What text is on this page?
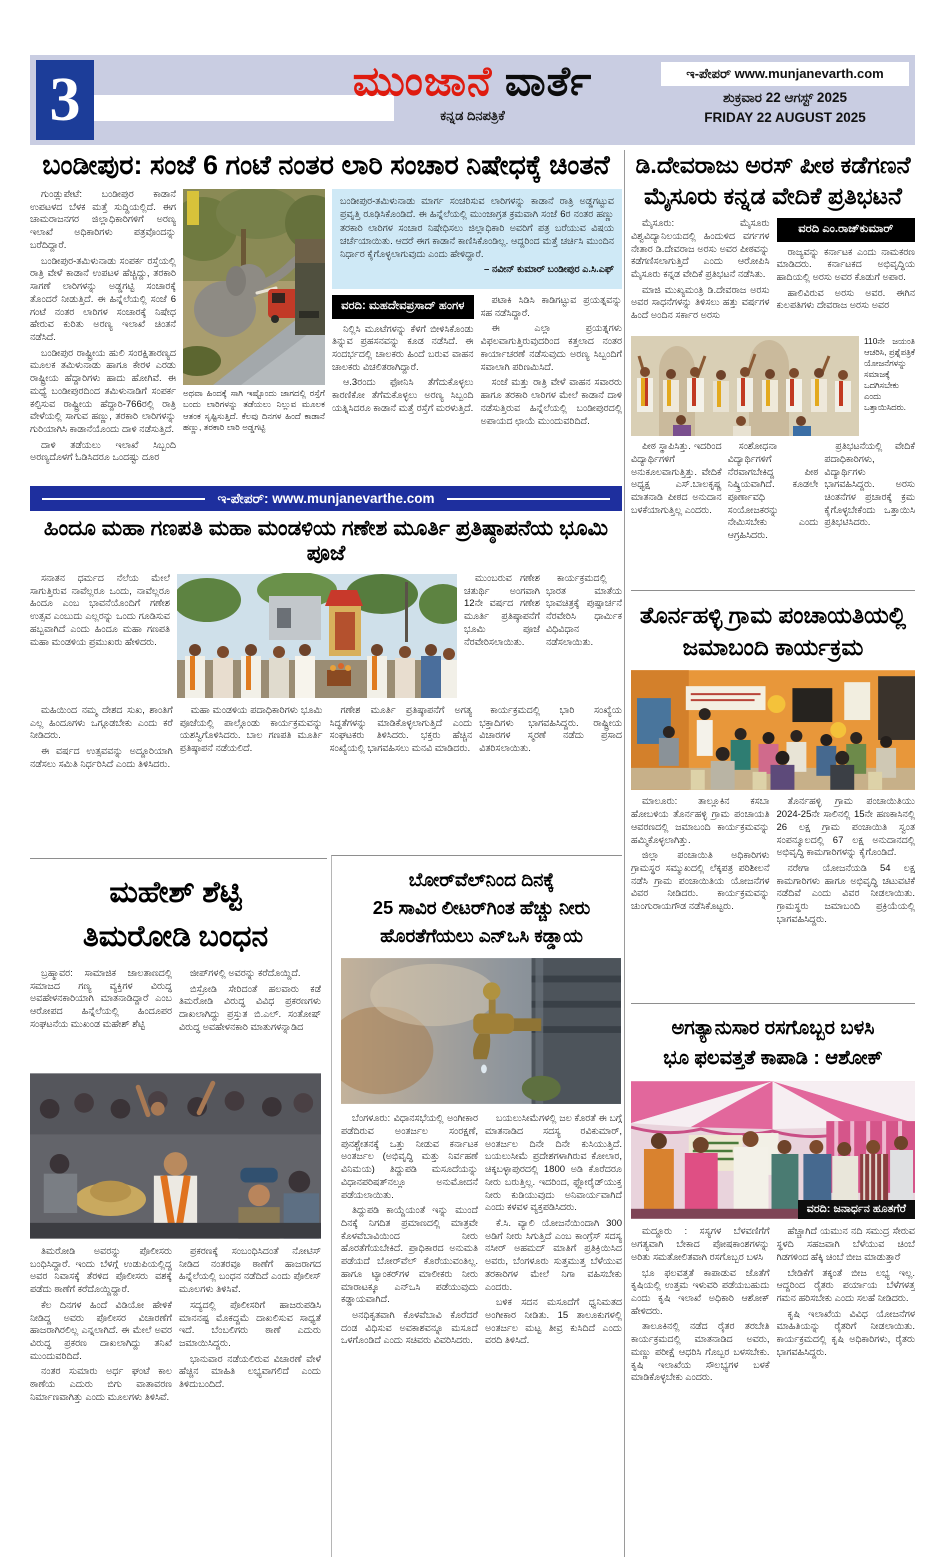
3	ಮುಂಜಾನೆ ವಾರ್ತೆ
ಕನ್ನಡ ದಿನಪತ್ರಿಕೆ
ಇ-ಪೇಪರ್ www.munjanevarth.com
ಶುಕ್ರವಾರ 22 ಆಗಸ್ಟ್ 2025
FRIDAY 22 AUGUST 2025
ಬಂಡೀಪುರ: ಸಂಜೆ 6 ಗಂಟೆ ನಂತರ ಲಾರಿ ಸಂಚಾರ ನಿಷೇಧಕ್ಕೆ ಚಿಂತನೆ

ಗುಂಡ್ಲುಪೇಟೆ: ಬಂಡೀಪುರ ಕಾಡಾನೆ ಉಪಟಳದ ಬೆಳಕ ಮತ್ತೆ ಸುದ್ದಿಯಲ್ಲಿದೆ. ಈಗ ಚಾಮರಾಜನಗರ ಜಿಲ್ಲಾಧಿಕಾರಿಗಳಿಗೆ ಅರಣ್ಯ ಇಲಾಖೆ ಅಧಿಕಾರಿಗಳು ಪತ್ರವೊಂದನ್ನು ಬರೆದಿದ್ದಾರೆ.

ಬಂಡೀಪುರ-ತಮಿಳುನಾಡು ಸಂಪರ್ಕ ರಸ್ತೆಯಲ್ಲಿ ರಾತ್ರಿ ವೇಳೆ ಕಾಡಾನೆ ಉಪಟಳ ಹೆಚ್ಚಿದ್ದು, ತರಕಾರಿ ಸಾಗಣೆ ಲಾರಿಗಳನ್ನು ಅಡ್ಡಗಟ್ಟಿ ಸಂಚಾರಕ್ಕೆ ತೊಂದರೆ ನೀಡುತ್ತಿದೆ. ಈ ಹಿನ್ನೆಲೆಯಲ್ಲಿ ಸಂಜೆ 6 ಗಂಟೆ ನಂತರ ಲಾರಿಗಳ ಸಂಚಾರಕ್ಕೆ ನಿಷೇಧ ಹೇರುವ ಕುರಿತು ಅರಣ್ಯ ಇಲಾಖೆ ಚಿಂತನೆ ನಡೆಸಿದೆ.

ಬಂಡೀಪುರ ರಾಷ್ಟ್ರೀಯ ಹುಲಿ ಸಂರಕ್ಷಿತಾರಣ್ಯದ ಮೂಲಕ ತಮಿಳುನಾಡು ಹಾಗೂ ಕೇರಳ ಎರಡು ರಾಷ್ಟ್ರೀಯ ಹೆದ್ದಾರಿಗಳು ಹಾದು ಹೋಗಿವೆ. ಈ ಮಧ್ಯೆ ಬಂಡೀಪುರದಿಂದ ತಮಿಳುನಾಡಿಗೆ ಸಂಪರ್ಕ ಕಲ್ಪಿಸುವ ರಾಷ್ಟ್ರೀಯ ಹೆದ್ದಾರಿ-766ರಲ್ಲಿ ರಾತ್ರಿ ವೇಳೆಯಲ್ಲಿ ಸಾಗುವ ಹಣ್ಣು, ತರಕಾರಿ ಲಾರಿಗಳನ್ನು ಗುರಿಯಾಗಿಸಿ ಕಾಡಾನೆಯೊಂದು ದಾಳಿ ನಡೆಸುತ್ತಿದೆ.

ದಾಳಿ ತಡೆಯಲು ಇಲಾಖೆ ಸಿಬ್ಬಂದಿ ಅರಣ್ಯದೊಳಗೆ ಓಡಿಸಿದರೂ ಒಂದಷ್ಟು ದೂರ

ಅಥವಾ ಹಿಂದಕ್ಕೆ ಸಾಗಿ ಇಷ್ಟೊಂದು ಜಾಗದಲ್ಲಿ ರಸ್ತೆಗೆ ಬಂದು ಲಾರಿಗಳನ್ನು ತಡೆಯಲು ನಿಲ್ಲುವ ಮೂಲಕ ಆತಂಕ ಸೃಷ್ಟಿಸುತ್ತಿದೆ. ಕೆಲವು ದಿನಗಳ ಹಿಂದೆ ಕಾಡಾನೆ ಹಣ್ಣು, ತರಕಾರಿ ಲಾರಿ ಅಡ್ಡಗಟ್ಟಿ
ಬಂಡೀಪುರ-ತಮಿಳುನಾಡು ಮಾರ್ಗ ಸಂಚರಿಸುವ ಲಾರಿಗಳನ್ನು ಕಾಡಾನೆ ರಾತ್ರಿ ಅಡ್ಡಗಟ್ಟುವ ಪ್ರವೃತ್ತಿ ರೂಢಿಸಿಕೊಂಡಿದೆ. ಈ ಹಿನ್ನೆಲೆಯಲ್ಲಿ ಮುಂಜಾಗ್ರತ ಕ್ರಮವಾಗಿ ಸಂಜೆ 6ರ ನಂತರ ಹಣ್ಣು ತರಕಾರಿ ಲಾರಿಗಳ ಸಂಚಾರ ನಿಷೇಧಿಸಲು ಜಿಲ್ಲಾಧಿಕಾರಿ ಅವರಿಗೆ ಪತ್ರ ಬರೆಯುವ ವಿಷಯ ಚರ್ಚೆಯಾಯಿತು. ಆದರೆ ಈಗ ಕಾಡಾನೆ ಕಾಣಿಸಿಕೊಂಡಿಲ್ಲ. ಆದ್ದರಿಂದ ಮತ್ತೆ ಚರ್ಚಿಸಿ ಮುಂದಿನ ನಿರ್ಧಾರ ಕೈಗೊಳ್ಳಲಾಗುವುದು ಎಂದು ಹೇಳಿದ್ದಾರೆ.
– ನವೀನ್ ಕುಮಾರ್ ಬಂಡೀಪುರ ಎ.ಸಿ.ಎಫ್
ವರದಿ: ಮಹದೇವಪ್ರಸಾದ್ ಹಂಗಳ

ನಿಲ್ಲಿಸಿ ಮೂಟೆಗಳನ್ನು ಕೆಳಗೆ ಬೀಳಿಸಿಕೊಂಡು ತಿನ್ನುವ ಪ್ರಹಸನವನ್ನು ಕೂಡ ನಡೆಸಿದೆ. ಈ ಸಂದರ್ಭದಲ್ಲಿ ಚಾಲಕರು ಹಿಂದೆ ಬರುವ ವಾಹನ ಚಾಲಕರು ವಿಚಲಿತರಾಗಿದ್ದಾರೆ.

ಆ.3ರಂದು ಫೋನಿಸಿ ತೆಗೆದುಕೊಳ್ಳಲು ಕಾರಣಿಕೋ ತೆಗೆಮಕೊಳ್ಳಲು ಅರಣ್ಯ ಸಿಬ್ಬಂದಿ ಯತ್ನಿಸಿದರೂ ಕಾಡಾನೆ ಮತ್ತೆ ರಸ್ತೆಗೆ ಮರಳುತ್ತಿದೆ.

ಪಟಾಕಿ ಸಿಡಿಸಿ ಕಾಡಿಗಟ್ಟುವ ಪ್ರಯತ್ನವನ್ನು ಸಹ ನಡೆಸಿದ್ದಾರೆ.

ಈ ಎಲ್ಲಾ ಪ್ರಯತ್ನಗಳು ವಿಫಲವಾಗುತ್ತಿರುವುದರಿಂದ ಕತ್ತಲಾದ ನಂತರ ಕಾರ್ಯಾಚರಣೆ ನಡೆಸುವುದು ಅರಣ್ಯ ಸಿಬ್ಬಂದಿಗೆ ಸವಾಲಾಗಿ ಪರಿಣಮಿಸಿದೆ.

ಸಂಜೆ ಮತ್ತು ರಾತ್ರಿ ವೇಳೆ ವಾಹನ ಸವಾರರು ಹಾಗೂ ತರಕಾರಿ ಲಾರಿಗಳ ಮೇಲೆ ಕಾಡಾನೆ ದಾಳಿ ನಡೆಸುತ್ತಿರುವ ಹಿನ್ನೆಲೆಯಲ್ಲಿ ಬಂಡೀಪುರದಲ್ಲಿ ಅಪಾಯದ ಛಾಯೆ ಮುಂದುವರಿದಿದೆ.

ಡಿ.ದೇವರಾಜು ಅರಸ್ ಪೀಠ ಕಡೆಗಣನೆ
ಮೈಸೂರು ಕನ್ನಡ ವೇದಿಕೆ ಪ್ರತಿಭಟನೆ

ಮೈಸೂರು: ಮೈಸೂರು ವಿಶ್ವವಿದ್ಯಾನಿಲಯದಲ್ಲಿ ಹಿಂದುಳಿದ ವರ್ಗಗಳ ನೇತಾರ ಡಿ.ದೇವರಾಜ ಅರಸು ಅವರ ಪೀಠವನ್ನು ಕಡೆಗಣಿಸಲಾಗುತ್ತಿದೆ ಎಂದು ಆರೋಪಿಸಿ ಮೈಸೂರು ಕನ್ನಡ ವೇದಿಕೆ ಪ್ರತಿಭಟನೆ ನಡೆಸಿತು.

ಮಾಜಿ ಮುಖ್ಯಮಂತ್ರಿ ಡಿ.ದೇವರಾಜ ಅರಸು ಅವರ ಸಾಧನೆಗಳನ್ನು ತಿಳಿಸಲು ಹತ್ತು ವರ್ಷಗಳ ಹಿಂದೆ ಅಂದಿನ ಸರ್ಕಾರ ಅರಸು

ವರದಿ ಎಂ.ರಾಜ್‌ಕುಮಾರ್

ರಾಜ್ಯವನ್ನು ಕರ್ನಾಟಕ ಎಂದು ನಾಮಕರಣ ಮಾಡಿದರು. ಕರ್ನಾಟಕದ ಅಭಿವೃದ್ಧಿಯ ಹಾದಿಯಲ್ಲಿ ಅರಸು ಅವರ ಕೊಡುಗೆ ಅಪಾರ.

ಹಾಲಿವಿರುವ ಅರಸು ಅವರ. ಈಗಿನ ಕುಲಪತಿಗಳು ದೇವರಾಜ ಅರಸು ಅವರ

110ನೇ ಜಯಂತಿ ಆಚರಿಸಿ, ಪ್ರಶ್ನೆಪತ್ರಿಕೆ ಯೋಜನೆಗಳನ್ನು ಸಮಾಜಕ್ಕೆ ಒದಗಿಸಬೇಕು ಎಂದು ಒತ್ತಾಯಿಸಿದರು.

ಪೀಠ ಸ್ಥಾಪಿಸಿತ್ತು. ಇದರಿಂದ ವಿದ್ಯಾರ್ಥಿಗಳಿಗೆ ಅನುಕೂಲವಾಗುತ್ತಿತ್ತು. ವೇದಿಕೆ ಅಧ್ಯಕ್ಷ ಎಸ್.ಬಾಲಕೃಷ್ಣ ಮಾತನಾಡಿ ಪೀಠದ ಅನುದಾನ ಬಳಕೆಯಾಗುತ್ತಿಲ್ಲ ಎಂದರು.

ಸಂಶೋಧನಾ ವಿದ್ಯಾರ್ಥಿಗಳಿಗೆ ನೆರವಾಗಬೇಕಿದ್ದ ಪೀಠ ನಿಷ್ಕ್ರಿಯವಾಗಿದೆ. ಕೂಡಲೇ ಪೂರ್ಣಾವಧಿ ಸಂಯೋಜಕರನ್ನು ನೇಮಿಸಬೇಕು ಎಂದು ಆಗ್ರಹಿಸಿದರು.

ಪ್ರತಿಭಟನೆಯಲ್ಲಿ ವೇದಿಕೆ ಪದಾಧಿಕಾರಿಗಳು, ವಿದ್ಯಾರ್ಥಿಗಳು ಭಾಗವಹಿಸಿದ್ದರು. ಅರಸು ಚಿಂತನೆಗಳ ಪ್ರಚಾರಕ್ಕೆ ಕ್ರಮ ಕೈಗೊಳ್ಳಬೇಕೆಂದು ಒತ್ತಾಯಿಸಿ ಪ್ರತಿಭಟಿಸಿದರು.

ಇ-ಪೇಪರ್: www.munjanevarthe.com
ಹಿಂದೂ ಮಹಾ ಗಣಪತಿ ಮಹಾ ಮಂಡಳಿಯ ಗಣೇಶ ಮೂರ್ತಿ ಪ್ರತಿಷ್ಠಾಪನೆಯ ಭೂಮಿ ಪೂಜೆ

ಸನಾತನ ಧರ್ಮದ ನೆಲೆಯ ಮೇಲೆ ಸಾಗುತ್ತಿರುವ ನಾವೆಲ್ಲರೂ ಒಂದು, ನಾವೆಲ್ಲರೂ ಹಿಂದೂ ಎಂಬ ಭಾವನೆಯೊಂದಿಗೆ ಗಣೇಶ ಉತ್ಸವ ಎಂಬುದು ಎಲ್ಲರನ್ನು ಒಂದು ಗೂಡಿಸುವ ಹಬ್ಬವಾಗಿದೆ ಎಂದು ಹಿಂದೂ ಮಹಾ ಗಣಪತಿ ಮಹಾ ಮಂಡಳಿಯ ಪ್ರಮುಖರು ಹೇಳಿದರು.

ಮುಂಬರುವ ಗಣೇಶ ಚತುರ್ಥಿ ಅಂಗವಾಗಿ 12ನೇ ವರ್ಷದ ಗಣೇಶ ಮೂರ್ತಿ ಪ್ರತಿಷ್ಠಾಪನೆಗೆ ಭೂಮಿ ಪೂಜೆ ನೆರವೇರಿಸಲಾಯಿತು.

ಕಾರ್ಯಕ್ರಮದಲ್ಲಿ ಭಾರತ ಮಾತೆಯ ಭಾವಚಿತ್ರಕ್ಕೆ ಪುಷ್ಪಾರ್ಚನೆ ನೆರವೇರಿಸಿ ಧಾರ್ಮಿಕ ವಿಧಿವಿಧಾನ ನಡೆಸಲಾಯಿತು.

ಮಹಿಯಿಂದ ನಮ್ಮ ದೇಶದ ಸುಖ, ಶಾಂತಿಗೆ ಎಲ್ಲ ಹಿಂದೂಗಳು ಒಗ್ಗೂಡಬೇಕು ಎಂದು ಕರೆ ನೀಡಿದರು.

ಈ ವರ್ಷದ ಉತ್ಸವವನ್ನು ಅದ್ದೂರಿಯಾಗಿ ನಡೆಸಲು ಸಮಿತಿ ನಿರ್ಧರಿಸಿದೆ ಎಂದು ತಿಳಿಸಿದರು.

ಮಹಾ ಮಂಡಳಿಯ ಪದಾಧಿಕಾರಿಗಳು ಭೂಮಿ ಪೂಜೆಯಲ್ಲಿ ಪಾಲ್ಗೊಂಡು ಕಾರ್ಯಕ್ರಮವನ್ನು ಯಶಸ್ವಿಗೊಳಿಸಿದರು. ಬಾಲ ಗಣಪತಿ ಮೂರ್ತಿ ಪ್ರತಿಷ್ಠಾಪನೆ ನಡೆಯಲಿದೆ.

ಗಣೇಶ ಮೂರ್ತಿ ಪ್ರತಿಷ್ಠಾಪನೆಗೆ ಅಗತ್ಯ ಸಿದ್ಧತೆಗಳನ್ನು ಮಾಡಿಕೊಳ್ಳಲಾಗುತ್ತಿದೆ ಎಂದು ಸಂಘಟಕರು ತಿಳಿಸಿದರು. ಭಕ್ತರು ಹೆಚ್ಚಿನ ಸಂಖ್ಯೆಯಲ್ಲಿ ಭಾಗವಹಿಸಲು ಮನವಿ ಮಾಡಿದರು.

ಕಾರ್ಯಕ್ರಮದಲ್ಲಿ ಭಾರಿ ಸಂಖ್ಯೆಯ ಭಕ್ತಾದಿಗಳು ಭಾಗವಹಿಸಿದ್ದರು. ರಾಷ್ಟ್ರೀಯ ವಿಚಾರಗಳ ಸ್ಮರಣೆ ನಡೆದು ಪ್ರಸಾದ ವಿತರಿಸಲಾಯಿತು.

ತೊರ್ನಹಳ್ಳಿ ಗ್ರಾಮ ಪಂಚಾಯತಿಯಲ್ಲಿ
ಜಮಾಬಂದಿ ಕಾರ್ಯಕ್ರಮ

ಮಾಲೂರು: ತಾಲ್ಲೂಕಿನ ಕಸಬಾ ಹೋಬಳಿಯ ತೊರ್ನಹಳ್ಳಿ ಗ್ರಾಮ ಪಂಚಾಯತಿ ಆವರಣದಲ್ಲಿ ಜಮಾಬಂದಿ ಕಾರ್ಯಕ್ರಮವನ್ನು ಹಮ್ಮಿಕೊಳ್ಳಲಾಗಿತ್ತು.

ಜಿಲ್ಲಾ ಪಂಚಾಯಿತಿ ಅಧಿಕಾರಿಗಳು ಗ್ರಾಮಸ್ಥರ ಸಮ್ಮುಖದಲ್ಲಿ ಲೆಕ್ಕಪತ್ರ ಪರಿಶೀಲನೆ ನಡೆಸಿ ಗ್ರಾಮ ಪಂಚಾಯಿತಿಯ ಯೋಜನೆಗಳ ವಿವರ ನೀಡಿದರು. ಕಾರ್ಯಕ್ರಮವನ್ನು ಚುಂಗುರಾಯಗೌಡ ನಡೆಸಿಕೊಟ್ಟರು.

ತೊರ್ನಹಳ್ಳಿ ಗ್ರಾಮ ಪಂಚಾಯಿತಿಯು 2024-25ನೇ ಸಾಲಿನಲ್ಲಿ 15ನೇ ಹಣಕಾಸಿನಲ್ಲಿ 26 ಲಕ್ಷ ಗ್ರಾಮ ಪಂಚಾಯಿತಿ ಸ್ವಂತ ಸಂಪನ್ಮೂಲದಲ್ಲಿ 67 ಲಕ್ಷ ಅನುದಾನದಲ್ಲಿ ಅಭಿವೃದ್ಧಿ ಕಾಮಗಾರಿಗಳನ್ನು ಕೈಗೊಂಡಿದೆ.

ನರೇಗಾ ಯೋಜನೆಯಡಿ 54 ಲಕ್ಷ ಕಾಮಗಾರಿಗಳು ಹಾಗೂ ಅಭಿವೃದ್ಧಿ ಚಟುವಟಿಕೆ ನಡೆದಿವೆ ಎಂದು ವಿವರ ನೀಡಲಾಯಿತು. ಗ್ರಾಮಸ್ಥರು ಜಮಾಬಂದಿ ಪ್ರಕ್ರಿಯೆಯಲ್ಲಿ ಭಾಗವಹಿಸಿದ್ದರು.

ಮಹೇಶ್ ಶೆಟ್ಟಿ
ತಿಮರೋಡಿ ಬಂಧನ

ಬ್ರಹ್ಮಾವರ: ಸಾಮಾಜಿಕ ಜಾಲತಾಣದಲ್ಲಿ ಸಮಾಜದ ಗಣ್ಯ ವ್ಯಕ್ತಿಗಳ ವಿರುದ್ಧ ಅವಹೇಳನಕಾರಿಯಾಗಿ ಮಾತನಾಡಿದ್ದಾರೆ ಎಂಬ ಆರೋಪದ ಹಿನ್ನೆಲೆಯಲ್ಲಿ ಹಿಂದೂಪರ ಸಂಘಟನೆಯ ಮುಖಂಡ ಮಹೇಶ್ ಶೆಟ್ಟಿ

ಜೀಪ್‌ಗಳಲ್ಲಿ ಅವರನ್ನು ಕರೆದೊಯ್ದಿದೆ.

ಬಿಸ್ರೋಡಿ ಸೇರಿದಂತೆ ಹಲವಾರು ಕಡೆ ತಿಮರೋಡಿ ವಿರುದ್ಧ ವಿವಿಧ ಪ್ರಕರಣಗಳು ದಾಖಲಾಗಿದ್ದು ಪ್ರಸ್ತುತ ಬಿ.ಎಲ್. ಸಂತೋಷ್ ವಿರುದ್ಧ ಅವಹೇಳನಕಾರಿ ಮಾತುಗಳನ್ನಾಡಿದ

ತಿಮರೋಡಿ ಅವರನ್ನು ಪೊಲೀಸರು ಬಂಧಿಸಿದ್ದಾರೆ. ಇಂದು ಬೆಳಗ್ಗೆ ಉಡುಪಿಯಲ್ಲಿದ್ದ ಅವರ ನಿವಾಸಕ್ಕೆ ತೆರಳಿದ ಪೊಲೀಸರು ವಶಕ್ಕೆ ಪಡೆದು ಠಾಣೆಗೆ ಕರೆದೊಯ್ದಿದ್ದಾರೆ.

ಕೆಲ ದಿನಗಳ ಹಿಂದೆ ವಿಡಿಯೋ ಹೇಳಿಕೆ ನೀಡಿದ್ದ ಅವರು ಪೊಲೀಸರ ವಿಚಾರಣೆಗೆ ಹಾಜರಾಗಿರಲಿಲ್ಲ ಎನ್ನಲಾಗಿದೆ. ಈ ಮೇಲೆ ಅವರ ವಿರುದ್ಧ ಪ್ರಕರಣ ದಾಖಲಾಗಿದ್ದು ತನಿಖೆ ಮುಂದುವರಿದಿದೆ.

ನಂತರ ಸುಮಾರು ಅರ್ಧ ಘಂಟೆ ಕಾಲ ಠಾಣೆಯ ಎದುರು ಬಿಗು ವಾತಾವರಣ ನಿರ್ಮಾಣವಾಗಿತ್ತು ಎಂದು ಮೂಲಗಳು ತಿಳಿಸಿವೆ.

ಪ್ರಕರಣಕ್ಕೆ ಸಂಬಂಧಿಸಿದಂತೆ ನೋಟಿಸ್ ನೀಡಿದ ನಂತರವೂ ಠಾಣೆಗೆ ಹಾಜರಾಗದ ಹಿನ್ನೆಲೆಯಲ್ಲಿ ಬಂಧನ ನಡೆದಿದೆ ಎಂದು ಪೊಲೀಸ್ ಮೂಲಗಳು ತಿಳಿಸಿವೆ.

ಸದ್ಯದಲ್ಲಿ ಪೊಲೀಸರಿಗೆ ಹಾಜರುಪಡಿಸಿ ಮಾನನಷ್ಟ ಮೊಕದ್ದಮೆ ದಾಖಲಿಸುವ ಸಾಧ್ಯತೆ ಇದೆ. ಬೆಂಬಲಿಗರು ಠಾಣೆ ಎದುರು ಜಮಾಯಿಸಿದ್ದರು.

ಭಾನುವಾರ ನಡೆಯಲಿರುವ ವಿಚಾರಣೆ ವೇಳೆ ಹೆಚ್ಚಿನ ಮಾಹಿತಿ ಲಭ್ಯವಾಗಲಿದೆ ಎಂದು ತಿಳಿದುಬಂದಿದೆ.

ಬೋರ್‌ವೆಲ್‌ನಿಂದ ದಿನಕ್ಕೆ
25 ಸಾವಿರ ಲೀಟರ್‌ಗಿಂತ ಹೆಚ್ಚು ನೀರು
ಹೊರತೆಗೆಯಲು ಎನ್‌ಒಸಿ ಕಡ್ಡಾಯ

ಬೆಂಗಳೂರು: ವಿಧಾನಸಭೆಯಲ್ಲಿ ಅಂಗೀಕಾರ ಪಡೆದಿರುವ ಅಂತರ್ಜಲ ಸಂರಕ್ಷಣೆ, ಪುನಶ್ಚೇತನಕ್ಕೆ ಒತ್ತು ನೀಡುವ ಕರ್ನಾಟಕ ಅಂತರ್ಜಲ (ಅಭಿವೃದ್ಧಿ ಮತ್ತು ನಿರ್ವಹಣೆ ವಿನಿಮಯ) ತಿದ್ದುಪಡಿ ಮಸೂದೆಯನ್ನು ವಿಧಾನಪರಿಷತ್‌ನಲ್ಲೂ ಅನುಮೋದನೆ ಪಡೆಯಲಾಯಿತು.

ತಿದ್ದುಪಡಿ ಕಾಯ್ದೆಯಂತೆ ಇನ್ನು ಮುಂದೆ ದಿನಕ್ಕೆ ನಿಗದಿತ ಪ್ರಮಾಣದಲ್ಲಿ ಮಾತ್ರವೇ ಕೊಳವೆಬಾವಿಯಿಂದ ನೀರು ಹೊರತೆಗೆಯಬೇಕಿದೆ. ಪ್ರಾಧಿಕಾರದ ಅನುಮತಿ ಪಡೆಯದೆ ಬೋರ್‌ವೆಲ್ ಕೊರೆಯುವಂತಿಲ್ಲ. ಹಾಗೂ ಟ್ಯಾಂಕರ್‌ಗಳ ಮಾಲೀಕರು ನೀರು ಮಾರಾಟಕ್ಕೂ ಎನ್‌ಒಸಿ ಪಡೆಯುವುದು ಕಡ್ಡಾಯವಾಗಿದೆ.

ಅನಧಿಕೃತವಾಗಿ ಕೊಳವೆಬಾವಿ ಕೊರೆದರೆ ದಂಡ ವಿಧಿಸುವ ಅವಕಾಶವನ್ನೂ ಮಸೂದೆ ಒಳಗೊಂಡಿದೆ ಎಂದು ಸಚಿವರು ವಿವರಿಸಿದರು.

ಬಯಲುಸೀಮೆಗಳಲ್ಲಿ ಜಲ ಕೊರತೆ ಈ ಬಗ್ಗೆ ಮಾತನಾಡಿದ ಸದಸ್ಯ ರವಿಕುಮಾರ್, ಅಂತರ್ಜಲ ದಿನೇ ದಿನೇ ಕುಸಿಯುತ್ತಿದೆ. ಬಯಲುಸೀಮೆ ಪ್ರದೇಶಗಳಾಗಿರುವ ಕೋಲಾರ, ಚಿಕ್ಕಬಳ್ಳಾಪುರದಲ್ಲಿ 1800 ಅಡಿ ಕೊರೆದರೂ ನೀರು ಬರುತ್ತಿಲ್ಲ. ಇದರಿಂದ, ಫ್ಲೋರೈಡ್‌ಯುಕ್ತ ನೀರು ಕುಡಿಯುವುದು ಅನಿವಾರ್ಯವಾಗಿದೆ ಎಂದು ಕಳವಳ ವ್ಯಕ್ತಪಡಿಸಿದರು.

ಕೆ.ಸಿ. ವ್ಯಾಲಿ ಯೋಜನೆಯಿಂದಾಗಿ 300 ಅಡಿಗೆ ನೀರು ಸಿಗುತ್ತಿದೆ ಎಂಬ ಕಾಂಗ್ರೆಸ್ ಸದಸ್ಯ ನಸೀರ್ ಅಹಮದ್ ಮಾತಿಗೆ ಪ್ರತಿಕ್ರಿಯಿಸಿದ ಅವರು, ಬೆಂಗಳೂರು ಸುತ್ತಮುತ್ತ ಬೆಳೆಯುವ ತರಕಾರಿಗಳ ಮೇಲೆ ನಿಗಾ ವಹಿಸಬೇಕು ಎಂದರು.

ಬಳಿಕ ಸದನ ಮಸೂದೆಗೆ ಧ್ವನಿಮತದ ಅಂಗೀಕಾರ ನೀಡಿತು. 15 ತಾಲೂಕುಗಳಲ್ಲಿ ಅಂತರ್ಜಲ ಮಟ್ಟ ತೀವ್ರ ಕುಸಿದಿದೆ ಎಂದು ವರದಿ ತಿಳಿಸಿದೆ.

ಅಗತ್ಯಾನುಸಾರ ರಸಗೊಬ್ಬರ ಬಳಸಿ
ಭೂ ಫಲವತ್ತತೆ ಕಾಪಾಡಿ : ಆಶೋಕ್
ವರದಿ: ಜನಾರ್ಧನ ಹೂತಗೆರೆ

ಮದ್ದೂರು : ಸಸ್ಯಗಳ ಬೆಳವಣಿಗೆಗೆ ಅಗತ್ಯವಾಗಿ ಬೇಕಾದ ಪೋಷಕಾಂಶಗಳನ್ನು ಅರಿತು ಸಮತೋಲಿತವಾಗಿ ರಸಗೊಬ್ಬರ ಬಳಸಿ

ಭೂ ಫಲವತ್ತತೆ ಕಾಪಾಡುವ ಜೊತೆಗೆ ಕೃಷಿಯಲ್ಲಿ ಉತ್ತಮ ಇಳುವರಿ ಪಡೆಯಬಹುದು ಎಂದು ಕೃಷಿ ಇಲಾಖೆ ಅಧಿಕಾರಿ ಆಶೋಕ್ ಹೇಳಿದರು.

ತಾಲೂಕಿನಲ್ಲಿ ನಡೆದ ರೈತರ ತರಬೇತಿ ಕಾರ್ಯಕ್ರಮದಲ್ಲಿ ಮಾತನಾಡಿದ ಅವರು, ಮಣ್ಣು ಪರೀಕ್ಷೆ ಆಧರಿಸಿ ಗೊಬ್ಬರ ಬಳಸಬೇಕು. ಕೃಷಿ ಇಲಾಖೆಯ ಸೌಲಭ್ಯಗಳ ಬಳಕೆ ಮಾಡಿಕೊಳ್ಳಬೇಕು ಎಂದರು.

ಹೆಚ್ಚಾಗಿದೆ ಯಮುನ ನದಿ ಸಮುದ್ರ ಸೇರುವ ಸ್ಥಳದಿ ಸಹಜವಾಗಿ ಬೆಳೆಯುವ ಚಿಂಬೆ ಗಿಡಗಳಿಂದ ಹೆಕ್ಕಿ ಚಿಂಬೆ ಬೀಜ ಮಾಡುತ್ತಾರೆ

ಬೇಡಿಕೆಗೆ ತಕ್ಕಂತೆ ಬೀಜ ಲಭ್ಯ ಇಲ್ಲ. ಆದ್ದರಿಂದ ರೈತರು ಪರ್ಯಾಯ ಬೆಳೆಗಳತ್ತ ಗಮನ ಹರಿಸಬೇಕು ಎಂದು ಸಲಹೆ ನೀಡಿದರು.

ಕೃಷಿ ಇಲಾಖೆಯ ವಿವಿಧ ಯೋಜನೆಗಳ ಮಾಹಿತಿಯನ್ನು ರೈತರಿಗೆ ನೀಡಲಾಯಿತು. ಕಾರ್ಯಕ್ರಮದಲ್ಲಿ ಕೃಷಿ ಅಧಿಕಾರಿಗಳು, ರೈತರು ಭಾಗವಹಿಸಿದ್ದರು.
